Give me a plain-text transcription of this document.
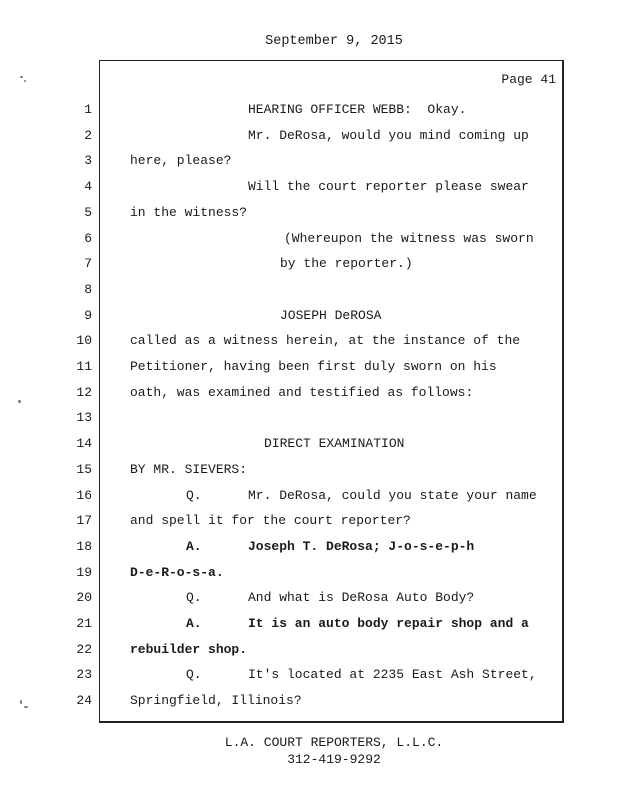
September 9, 2015
Page 41
1	HEARING OFFICER WEBB:  Okay.
2	Mr. DeRosa, would you mind coming up
3	here, please?
4	Will the court reporter please swear
5	in the witness?
6	(Whereupon the witness was sworn
7	by the reporter.)
8
9	JOSEPH DeROSA
10	called as a witness herein, at the instance of the
11	Petitioner, having been first duly sworn on his
12	oath, was examined and testified as follows:
13
14	DIRECT EXAMINATION
15	BY MR. SIEVERS:
16	Q.	Mr. DeRosa, could you state your name
17	and spell it for the court reporter?
18	A.	Joseph T. DeRosa; J-o-s-e-p-h
19	D-e-R-o-s-a.
20	Q.	And what is DeRosa Auto Body?
21	A.	It is an auto body repair shop and a
22	rebuilder shop.
23	Q.	It's located at 2235 East Ash Street,
24	Springfield, Illinois?
L.A. COURT REPORTERS, L.L.C.
312-419-9292
